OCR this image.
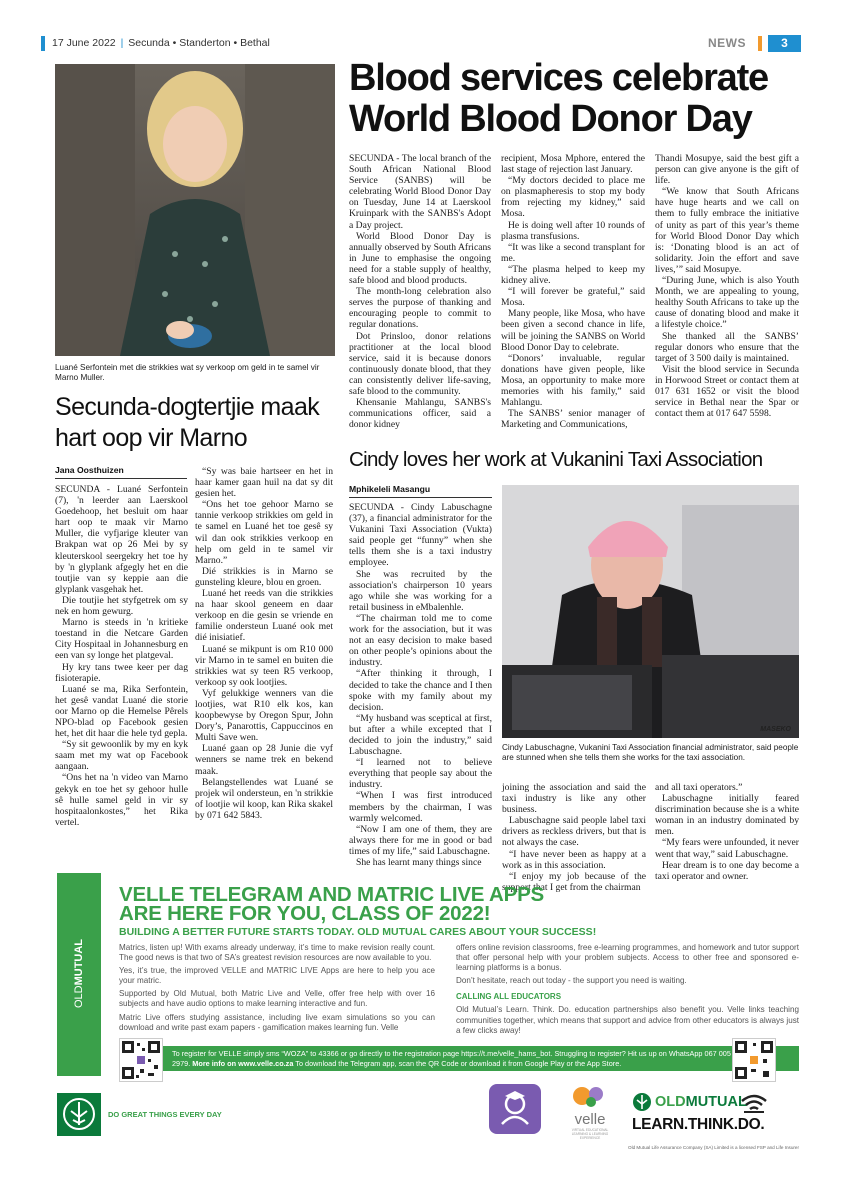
17 June 2022 | Secunda • Standerton • Bethal	NEWS	3
Luané Serfontein met die strikkies wat sy verkoop om geld in te samel vir Marno Muller.
Secunda-dogtertjie maak
hart oop vir Marno
Jana Oosthuizen

SECUNDA - Luané Serfontein (7), 'n leerder aan Laerskool Goedehoop, het besluit om haar hart oop te maak vir Marno Muller, die vyfjarige kleuter van Brakpan wat op 26 Mei by sy kleuterskool seergekry het toe hy by 'n glyplank afgegly het en die toutjie van sy keppie aan die glyplank vasgehak het.

Die toutjie het styfgetrek om sy nek en hom gewurg.

Marno is steeds in 'n kritieke toestand in die Netcare Garden City Hospitaal in Johannesburg en een van sy longe het platgeval.

Hy kry tans twee keer per dag fisioterapie.

Luané se ma, Rika Serfontein, het gesê vandat Luané die storie oor Marno op die Hemelse Pêrels NPO-blad op Facebook gesien het, het dit haar die hele tyd gepla.

“Sy sit gewoonlik by my en kyk saam met my wat op Facebook aangaan.

“Ons het na 'n video van Marno gekyk en toe het sy gehoor hulle sê hulle samel geld in vir sy hospitaalonkostes,” het Rika vertel.

“Sy was baie hartseer en het in haar kamer gaan huil na dat sy dit gesien het.

“Ons het toe gehoor Marno se tannie verkoop strikkies om geld in te samel en Luané het toe gesê sy wil dan ook strikkies verkoop en help om geld in te samel vir Marno.”

Dié strikkies is in Marno se gunsteling kleure, blou en groen.

Luané het reeds van die strikkies na haar skool geneem en daar verkoop en die gesin se vriende en familie ondersteun Luané ook met dié inisiatief.

Luané se mikpunt is om R10 000 vir Marno in te samel en buiten die strikkies wat sy teen R5 verkoop, verkoop sy ook lootjies.

Vyf gelukkige wenners van die lootjies, wat R10 elk kos, kan koopbewyse by Oregon Spur, John Dory’s, Panarottis, Cappuccinos en Multi Save wen.

Luané gaan op 28 Junie die vyf wenners se name trek en bekend maak.

Belangstellendes wat Luané se projek wil ondersteun, en 'n strikkie of lootjie wil koop, kan Rika skakel by 071 642 5843.

Blood services celebrate
World Blood Donor Day

SECUNDA - The local branch of the South African National Blood Service (SANBS) will be celebrating World Blood Donor Day on Tuesday, June 14 at Laerskool Kruinpark with the SANBS's Adopt a Day project.

World Blood Donor Day is annually observed by South Africans in June to emphasise the ongoing need for a stable supply of healthy, safe blood and blood products.

The month-long celebration also serves the purpose of thanking and encouraging people to commit to regular donations.

Dot Prinsloo, donor relations practitioner at the local blood service, said it is because donors continuously donate blood, that they can consistently deliver life-saving, safe blood to the community.

Khensanie Mahlangu, SANBS's communications officer, said a donor kidney

recipient, Mosa Mphore, entered the last stage of rejection last January.

“My doctors decided to place me on plasmapheresis to stop my body from rejecting my kidney,” said Mosa.

He is doing well after 10 rounds of plasma transfusions.

“It was like a second transplant for me.

“The plasma helped to keep my kidney alive.

“I will forever be grateful,” said Mosa.

Many people, like Mosa, who have been given a second chance in life, will be joining the SANBS on World Blood Donor Day to celebrate.

“Donors’ invaluable, regular donations have given people, like Mosa, an opportunity to make more memories with his family,” said Mahlangu.

The SANBS’ senior manager of Marketing and Communications,

Thandi Mosupye, said the best gift a person can give anyone is the gift of life.

“We know that South Africans have huge hearts and we call on them to fully embrace the initiative of unity as part of this year’s theme for World Blood Donor Day which is: ‘Donating blood is an act of solidarity. Join the effort and save lives,’” said Mosupye.

“During June, which is also Youth Month, we are appealing to young, healthy South Africans to take up the cause of donating blood and make it a lifestyle choice.”

She thanked all the SANBS’ regular donors who ensure that the target of 3 500 daily is maintained.

Visit the blood service in Secunda in Horwood Street or contact them at 017 631 1652 or visit the blood service in Bethal near the Spar or contact them at 017 647 5598.

Cindy loves her work at Vukanini Taxi Association
Mphikeleli Masangu

SECUNDA - Cindy Labuschagne (37), a financial administrator for the Vukanini Taxi Association (Vukta) said people get “funny” when she tells them she is a taxi industry employee.

She was recruited by the association's chairperson 10 years ago while she was working for a retail business in eMbalenhle.

“The chairman told me to come work for the association, but it was not an easy decision to make based on other people’s opinions about the industry.

“After thinking it through, I decided to take the chance and I then spoke with my family about my decision.

“My husband was sceptical at first, but after a while excepted that I decided to join the industry,” said Labuschagne.

“I learned not to believe everything that people say about the industry.

“When I was first introduced members by the chairman, I was warmly welcomed.

“Now I am one of them, they are always there for me in good or bad times of my life,” said Labuschagne.

She has learnt many things since

MASEKO
Cindy Labuschagne, Vukanini Taxi Association financial administrator, said people are stunned when she tells them she works for the taxi association.

joining the association and said the taxi industry is like any other business.

Labuschagne said people label taxi drivers as reckless drivers, but that is not always the case.

“I have never been as happy at a work as in this association.

“I enjoy my job because of the support that I get from the chairman

and all taxi operators.”

Labuschagne initially feared discrimination because she is a white woman in an industry dominated by men.

“My fears were unfounded, it never went that way,” said Labuschagne.

Hear dream is to one day become a taxi operator and owner.

OLDMUTUAL
VELLE TELEGRAM AND MATRIC LIVE APPS
ARE HERE FOR YOU, CLASS OF 2022!
BUILDING A BETTER FUTURE STARTS TODAY. OLD MUTUAL CARES ABOUT YOUR SUCCESS!

Matrics, listen up! With exams already underway, it’s time to make revision really count. The good news is that two of SA’s greatest revision resources are now available to you.

Yes, it’s true, the improved VELLE and MATRIC LIVE Apps are here to help you ace your matric.

Supported by Old Mutual, both Matric Live and Velle, offer free help with over 16 subjects and have audio options to make learning interactive and fun.

Matric Live offers studying assistance, including live exam simulations so you can download and write past exam papers - gamification makes learning fun. Velle

offers online revision classrooms, free e-learning programmes, and homework and tutor support that offer personal help with your problem subjects. Access to other free and sponsored e-learning platforms is a bonus.

Don’t hesitate, reach out today - the support you need is waiting.

CALLING ALL EDUCATORS

Old Mutual’s Learn. Think. Do. education partnerships also benefit you. Velle links teaching communities together, which means that support and advice from other educators is always just a few clicks away!

To register for VELLE simply sms “WOZA” to 43366 or go directly to the registration page https://t.me/velle_hams_bot. Struggling to register? Hit us up on WhatsApp 067 005 2979. More info on www.velle.co.za To download the Telegram app, scan the QR Code or download it from Google Play or the App Store.
DO GREAT THINGS EVERY DAY	velle
VIRTUAL EDUCATIONAL LEARNING & LEARNING EXPERIENCE
OLDMUTUAL
LEARN.THINK.DO.
Old Mutual Life Assurance Company (SA) Limited is a licensed FSP and Life Insurer
